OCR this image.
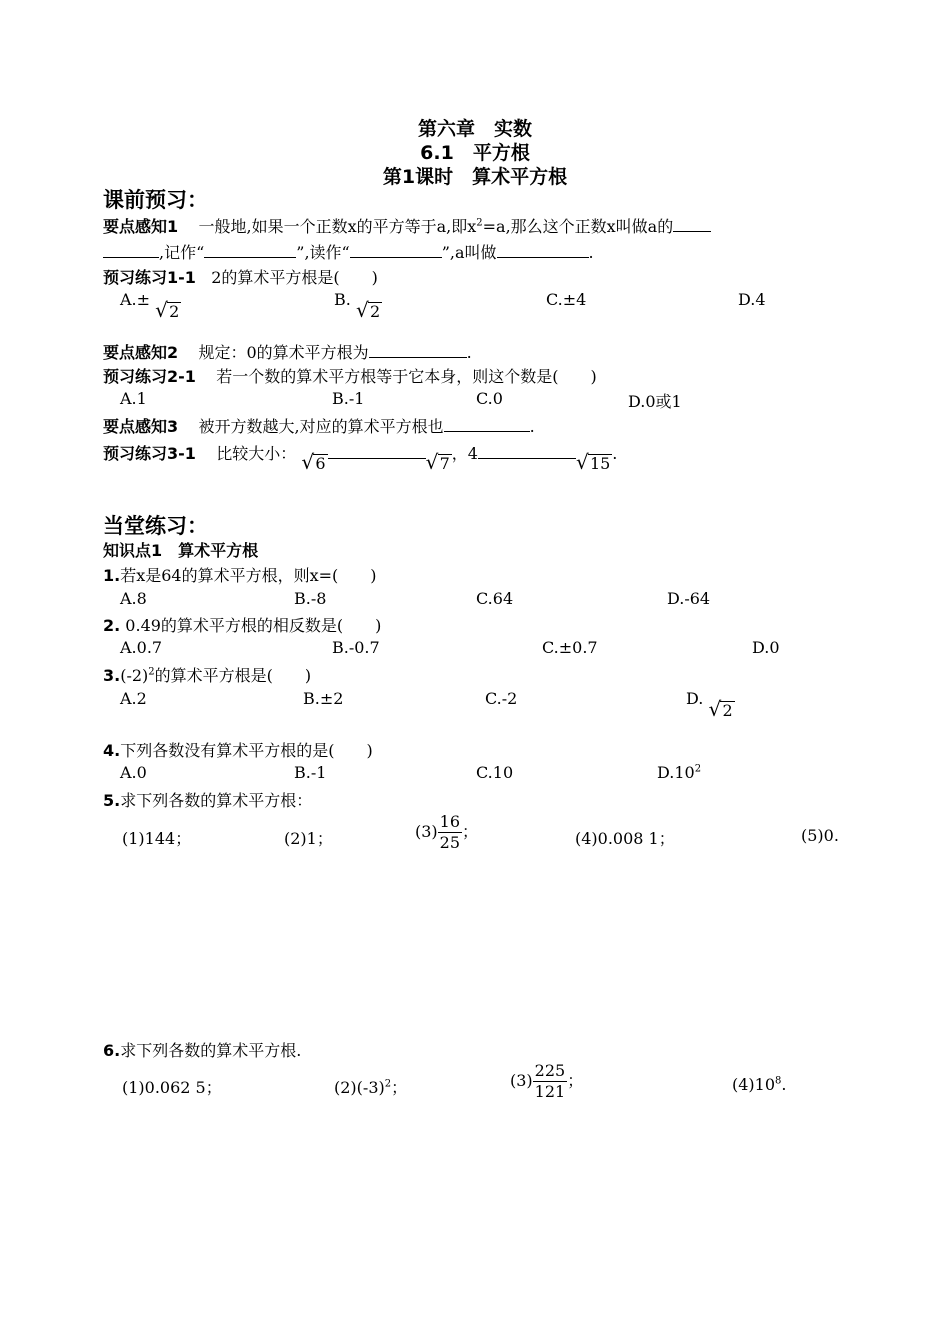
第六章　实数
6.1　平方根
第1课时　算术平方根
课前预习：
要点感知1 一般地,如果一个正数x的平方等于a,即$x^2=a$,那么这个正数x叫做a的
,记作“	”,读作“	”,a叫做	.
预习练习1-1 2的算术平方根是(　　)
A.± √ 2
B. √ 2
C.±4	D.4
要点感知2 规定：0的算术平方根为	.
预习练习2-1 若一个数的算术平方根等于它本身，则这个数是(　　)
A.1	B.-1	C.0	D.0或1
要点感知3 被开方数越大,对应的算术平方根也	.
预习练习3-1 比较大小： √ 6	√ 7，4	√ 15.
当堂练习：
知识点1　算术平方根
1.若x是64的算术平方根，则x=(　　)
A.8	B.-8	C.64	D.-64
2. 0.49的算术平方根的相反数是(　　)
A.0.7	B.-0.7	C.±0.7	D.0
$3.(-2)^2$的算术平方根是(　　)
A.2	B.±2	C.-2	D. √ 2
4.下列各数没有算术平方根的是(　　)
A.0	B.-1	C.10	$D.10^2$
5.求下列各数的算术平方根：
(1)144；	(2)1；	$(3) \frac{16}{25}$ ；	(4)0.008 1；	(5)0.
6.求下列各数的算术平方根.
(1)0.062 5；	$(2)(-3)^2$；	$(3) \frac{225}{121}$ ；	$(4)10^8$.
